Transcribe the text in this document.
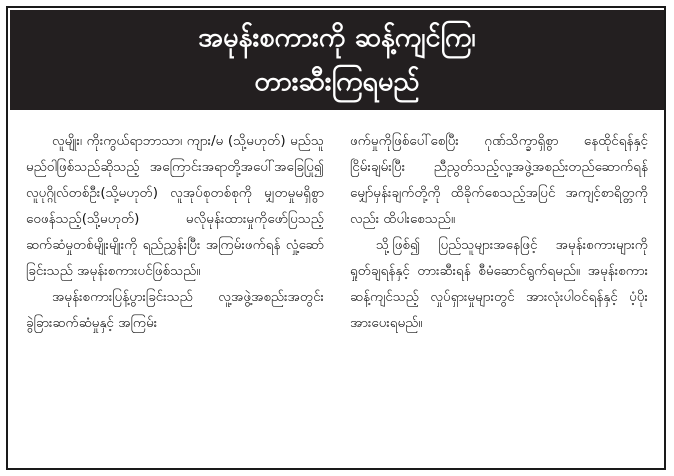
အမုန်းစကားကို ဆန့်ကျင်ကြ၊

တားဆီးကြရမည်

လူမျိုး၊ ကိုးကွယ်ရာဘာသာ၊ ကျား/မ (သို့မဟုတ်) မည်သူမည်ဝါဖြစ်သည်ဆိုသည့် အကြောင်းအရာတို့အပေါ်အခြေပြု၍ လူပုဂ္ဂိုလ်တစ်ဦး(သို့မဟုတ်) လူအုပ်စုတစ်စုကို မျှတမှုမရှိစွာ ဝေဖန်သည့်(သို့မဟုတ်) မလိုမုန်းထားမှုကိုဖော်ပြသည့် ဆက်ဆံမှုတစ်မျိုးမျိုးကို ရည်ညွှန်းပြီး အကြမ်းဖက်ရန် လှုံ့ဆော်ခြင်းသည် အမုန်းစကားပင်ဖြစ်သည်။

အမုန်းစကားပြန့်ပွားခြင်းသည် လူ့အဖွဲ့အစည်းအတွင်း ခွဲခြားဆက်ဆံမှုနှင့် အကြမ်း

ဖက်မှုကိုဖြစ်ပေါ်စေပြီး ဂုဏ်သိက္ခာရှိစွာ နေထိုင်ရန်နှင့် ငြိမ်းချမ်းပြီး ညီညွတ်သည့်လူ့အဖွဲ့အစည်းတည်ဆောက်ရန် မျှော်မှန်းချက်တို့ကို ထိခိုက်စေသည့်အပြင် အကျင့်စာရိတ္တကိုလည်း ထိပါးစေသည်။

သို့ဖြစ်၍ ပြည်သူများအနေဖြင့် အမုန်းစကားများကို ရှုတ်ချရန်နှင့် တားဆီးရန် စီမံဆောင်ရွက်ရမည်။ အမုန်းစကားဆန့်ကျင်သည့် လှုပ်ရှားမှုများတွင် အားလုံးပါဝင်ရန်နှင့် ပံ့ပိုးအားပေးရမည်။
